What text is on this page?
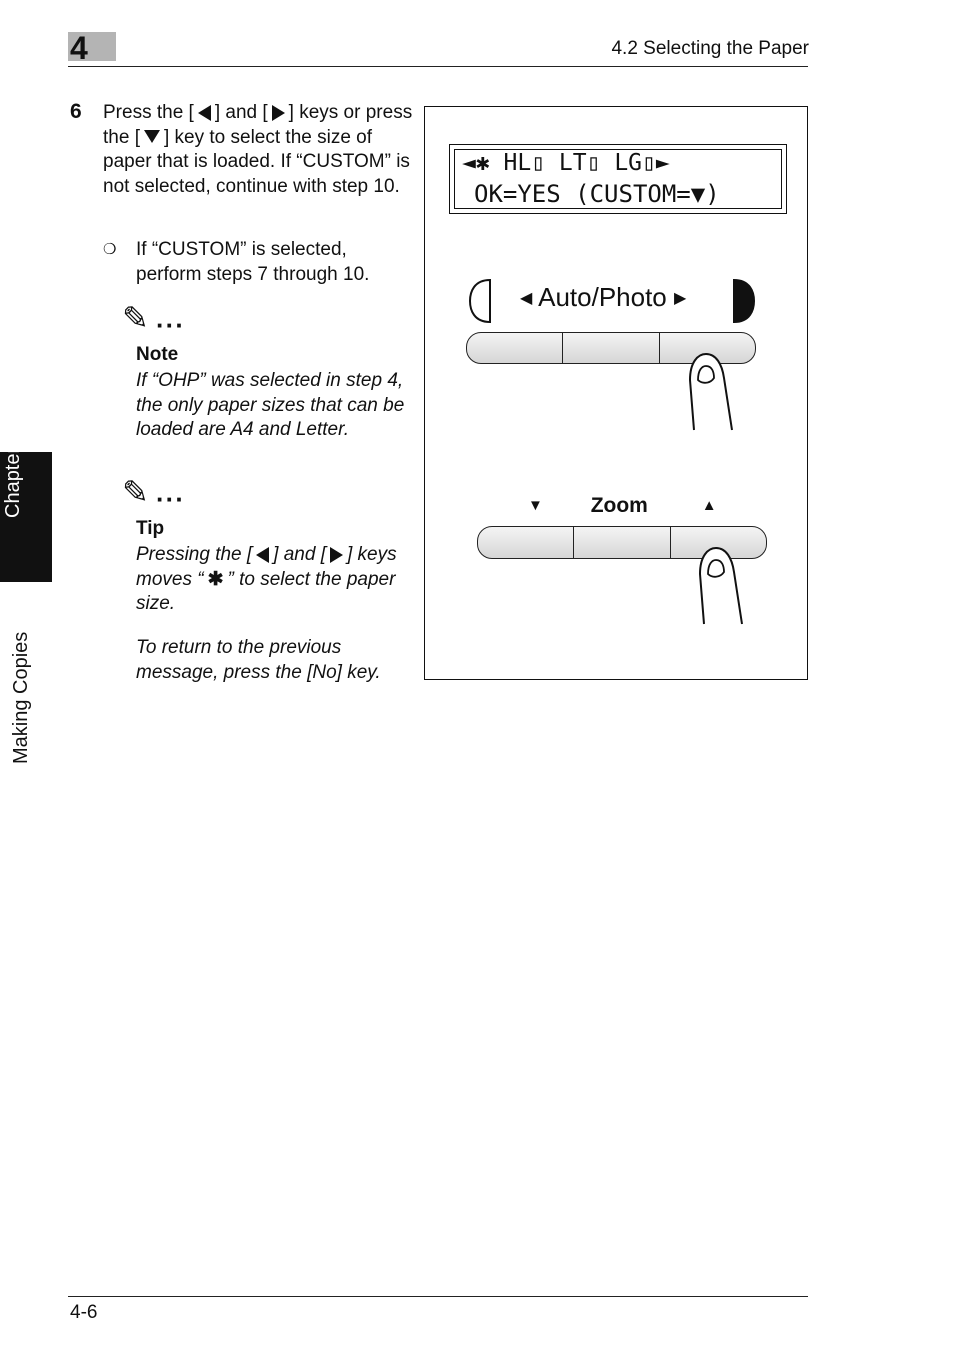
4	4.2 Selecting the Paper
Chapter 4
Making Copies
6 Press the [ ] and [ ] keys or press the [ ] key to select the size of paper that is loaded. If “CUSTOM” is not selected, continue with step 10.
❍ If “CUSTOM” is selected, perform steps 7 through 10.
✎ ···
Note
If “OHP” was selected in step 4, the only paper sizes that can be loaded are A4 and Letter.
✎ ···
Tip
Pressing the [ ] and [ ] keys moves “ ✱ ” to select the paper size.
To return to the previous message, press the [No] key.
◄✱ HL▯ LT▯ LG▯►
OK=YES (CUSTOM=▼)
◀ Auto/Photo ▶
▼ Zoom	▲
4-6
